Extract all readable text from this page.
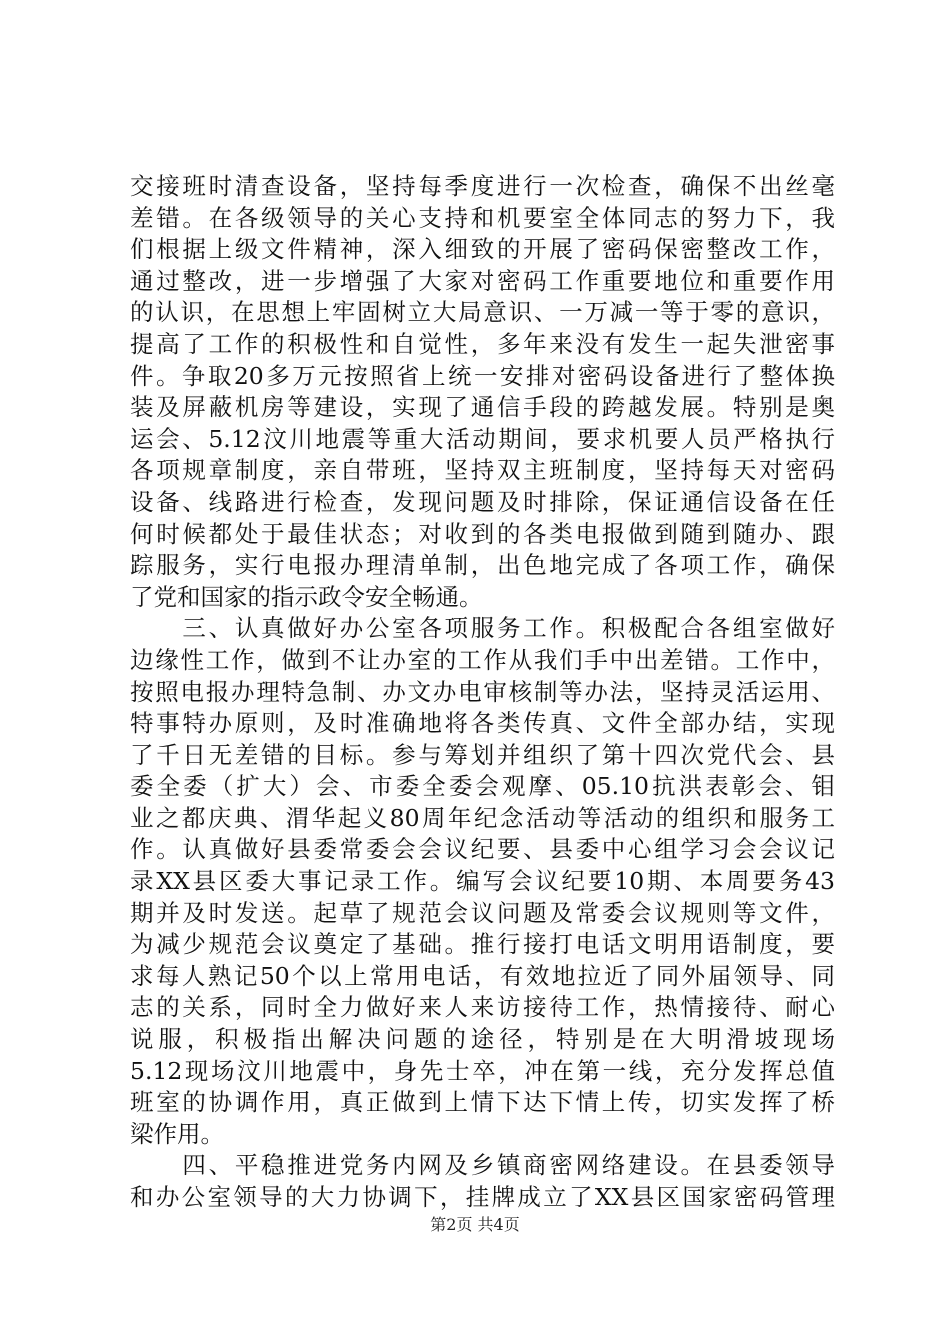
交接班时清查设备，坚持每季度进行一次检查，确保不出丝毫
差错。在各级领导的关心支持和机要室全体同志的努力下，我
们根据上级文件精神，深入细致的开展了密码保密整改工作，
通过整改，进一步增强了大家对密码工作重要地位和重要作用
的认识，在思想上牢固树立大局意识、一万减一等于零的意识，
提高了工作的积极性和自觉性，多年来没有发生一起失泄密事
件。争取20多万元按照省上统一安排对密码设备进行了整体换
装及屏蔽机房等建设，实现了通信手段的跨越发展。特别是奥
运会、5.12汶川地震等重大活动期间，要求机要人员严格执行
各项规章制度，亲自带班，坚持双主班制度，坚持每天对密码
设备、线路进行检查，发现问题及时排除，保证通信设备在任
何时候都处于最佳状态；对收到的各类电报做到随到随办、跟
踪服务，实行电报办理清单制，出色地完成了各项工作，确保
了党和国家的指示政令安全畅通。
　　三、认真做好办公室各项服务工作。积极配合各组室做好
边缘性工作，做到不让办室的工作从我们手中出差错。工作中，
按照电报办理特急制、办文办电审核制等办法，坚持灵活运用、
特事特办原则，及时准确地将各类传真、文件全部办结，实现
了千日无差错的目标。参与筹划并组织了第十四次党代会、县
委全委（扩大）会、市委全委会观摩、05.10抗洪表彰会、钼
业之都庆典、渭华起义80周年纪念活动等活动的组织和服务工
作。认真做好县委常委会会议纪要、县委中心组学习会会议记
录XX县区委大事记录工作。编写会议纪要10期、本周要务43
期并及时发送。起草了规范会议问题及常委会议规则等文件，
为减少规范会议奠定了基础。推行接打电话文明用语制度，要
求每人熟记50个以上常用电话，有效地拉近了同外届领导、同
志的关系，同时全力做好来人来访接待工作，热情接待、耐心
说服，积极指出解决问题的途径，特别是在大明滑坡现场
5.12现场汶川地震中，身先士卒，冲在第一线，充分发挥总值
班室的协调作用，真正做到上情下达下情上传，切实发挥了桥
梁作用。
　　四、平稳推进党务内网及乡镇商密网络建设。在县委领导
和办公室领导的大力协调下，挂牌成立了XX县区国家密码管理
第2页 共4页
